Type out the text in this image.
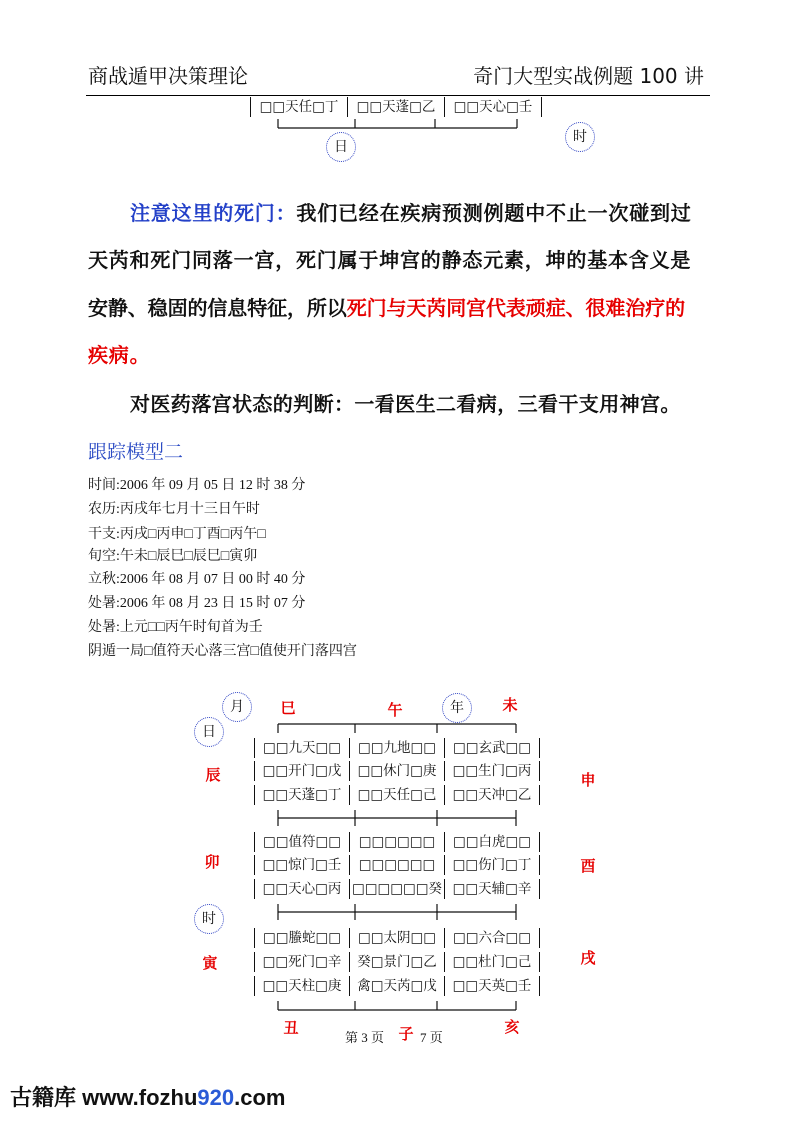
商战遁甲决策理论	奇门大型实战例题 100 讲
□□天任□丁	□□天蓬□乙	□□天心□壬
日
时
注意这里的死门：我们已经在疾病预测例题中不止一次碰到过
天芮和死门同落一宫，死门属于坤宫的静态元素，坤的基本含义是
安静、稳固的信息特征，所以死门与天芮同宫代表顽症、很难治疗的
疾病。
对医药落宫状态的判断：一看医生二看病，三看干支用神宫。
跟踪模型二
时间:2006 年 09 月 05 日 12 时 38 分
农历:丙戌年七月十三日午时
干支:丙戌□丙申□丁酉□丙午□
旬空:午未□辰巳□辰巳□寅卯
立秋:2006 年 08 月 07 日 00 时 40 分
处暑:2006 年 08 月 23 日 15 时 07 分
处暑:上元□□丙午时旬首为壬
阴遁一局□值符天心落三宫□值使开门落四宫
月	年
日
时
巳	午	未
辰
卯
寅
申
酉
戌
丑	子	亥
□□九天□□	□□九地□□	□□玄武□□
□□开门□戊	□□休门□庚	□□生门□丙
□□天蓬□丁	□□天任□己	□□天冲□乙
□□值符□□	□□□□□□	□□白虎□□
□□惊门□壬	□□□□□□	□□伤门□丁
□□天心□丙 □□□□□□癸 □□天辅□辛
□□螣蛇□□	□□太阴□□	□□六合□□
□□死门□辛	癸□景门□乙	□□杜门□己
□□天柱□庚	禽□天芮□戊	□□天英□壬
第 3 页	7 页
古籍库 www.fozhu920.com
